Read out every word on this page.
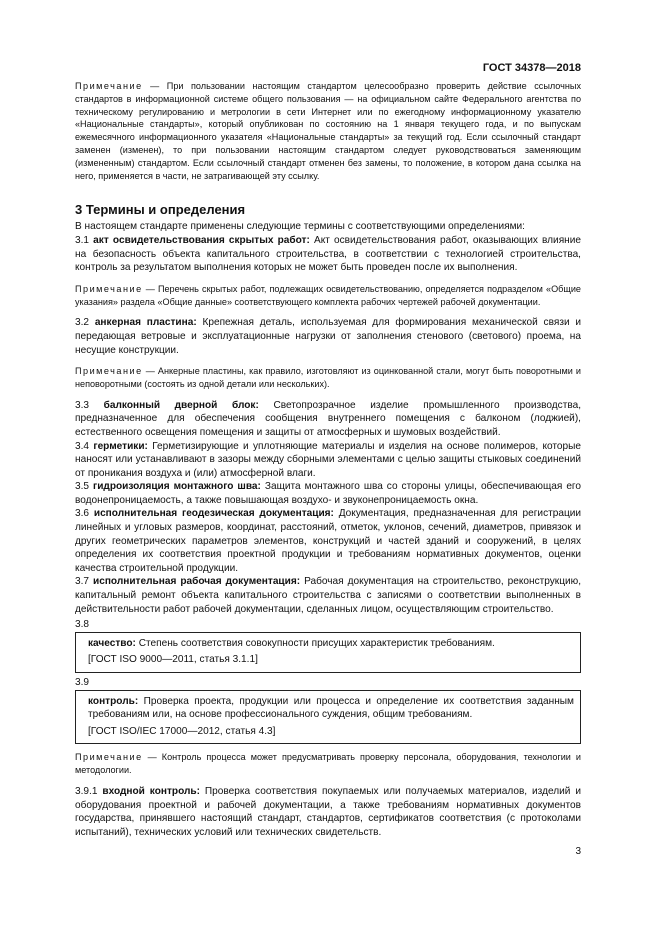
ГОСТ 34378—2018

Примечание — При пользовании настоящим стандартом целесообразно проверить действие ссылочных стандартов в информационной системе общего пользования — на официальном сайте Федерального агентства по техническому регулированию и метрологии в сети Интернет или по ежегодному информационному указателю «Национальные стандарты», который опубликован по состоянию на 1 января текущего года, и по выпускам ежемесячного информационного указателя «Национальные стандарты» за текущий год. Если ссылочный стандарт заменен (изменен), то при пользовании настоящим стандартом следует руководствоваться заменяющим (измененным) стандартом. Если ссылочный стандарт отменен без замены, то положение, в котором дана ссылка на него, применяется в части, не затрагивающей эту ссылку.

3 Термины и определения

В настоящем стандарте применены следующие термины с соответствующими определениями:

3.1 акт освидетельствования скрытых работ: Акт освидетельствования работ, оказывающих влияние на безопасность объекта капитального строительства, в соответствии с технологией строительства, контроль за результатом выполнения которых не может быть проведен после их выполнения.

Примечание — Перечень скрытых работ, подлежащих освидетельствованию, определяется подразделом «Общие указания» раздела «Общие данные» соответствующего комплекта рабочих чертежей рабочей документации.

3.2 анкерная пластина: Крепежная деталь, используемая для формирования механической связи и передающая ветровые и эксплуатационные нагрузки от заполнения стенового (светового) проема, на несущие конструкции.

Примечание — Анкерные пластины, как правило, изготовляют из оцинкованной стали, могут быть поворотными и неповоротными (состоять из одной детали или нескольких).

3.3 балконный дверной блок: Светопрозрачное изделие промышленного производства, предназначенное для обеспечения сообщения внутреннего помещения с балконом (лоджией), естественного освещения помещения и защиты от атмосферных и шумовых воздействий.

3.4 герметики: Герметизирующие и уплотняющие материалы и изделия на основе полимеров, которые наносят или устанавливают в зазоры между сборными элементами с целью защиты стыковых соединений от проникания воздуха и (или) атмосферной влаги.

3.5 гидроизоляция монтажного шва: Защита монтажного шва со стороны улицы, обеспечивающая его водонепроницаемость, а также повышающая воздухо- и звуконепроницаемость окна.

3.6 исполнительная геодезическая документация: Документация, предназначенная для регистрации линейных и угловых размеров, координат, расстояний, отметок, уклонов, сечений, диаметров, привязок и других геометрических параметров элементов, конструкций и частей зданий и сооружений, в целях определения их соответствия проектной продукции и требованиям нормативных документов, оценки качества строительной продукции.

3.7 исполнительная рабочая документация: Рабочая документация на строительство, реконструкцию, капитальный ремонт объекта капитального строительства с записями о соответствии выполненных в действительности работ рабочей документации, сделанных лицом, осуществляющим строительство.

3.8

качество: Степень соответствия совокупности присущих характеристик требованиям.

[ГОСТ ISO 9000—2011, статья 3.1.1]

3.9

контроль: Проверка проекта, продукции или процесса и определение их соответствия заданным требованиям или, на основе профессионального суждения, общим требованиям.

[ГОСТ ISO/IEC 17000—2012, статья 4.3]

Примечание — Контроль процесса может предусматривать проверку персонала, оборудования, технологии и методологии.

3.9.1 входной контроль: Проверка соответствия покупаемых или получаемых материалов, изделий и оборудования проектной и рабочей документации, а также требованиям нормативных документов государства, принявшего настоящий стандарт, стандартов, сертификатов соответствия (с протоколами испытаний), технических условий или технических свидетельств.

3
